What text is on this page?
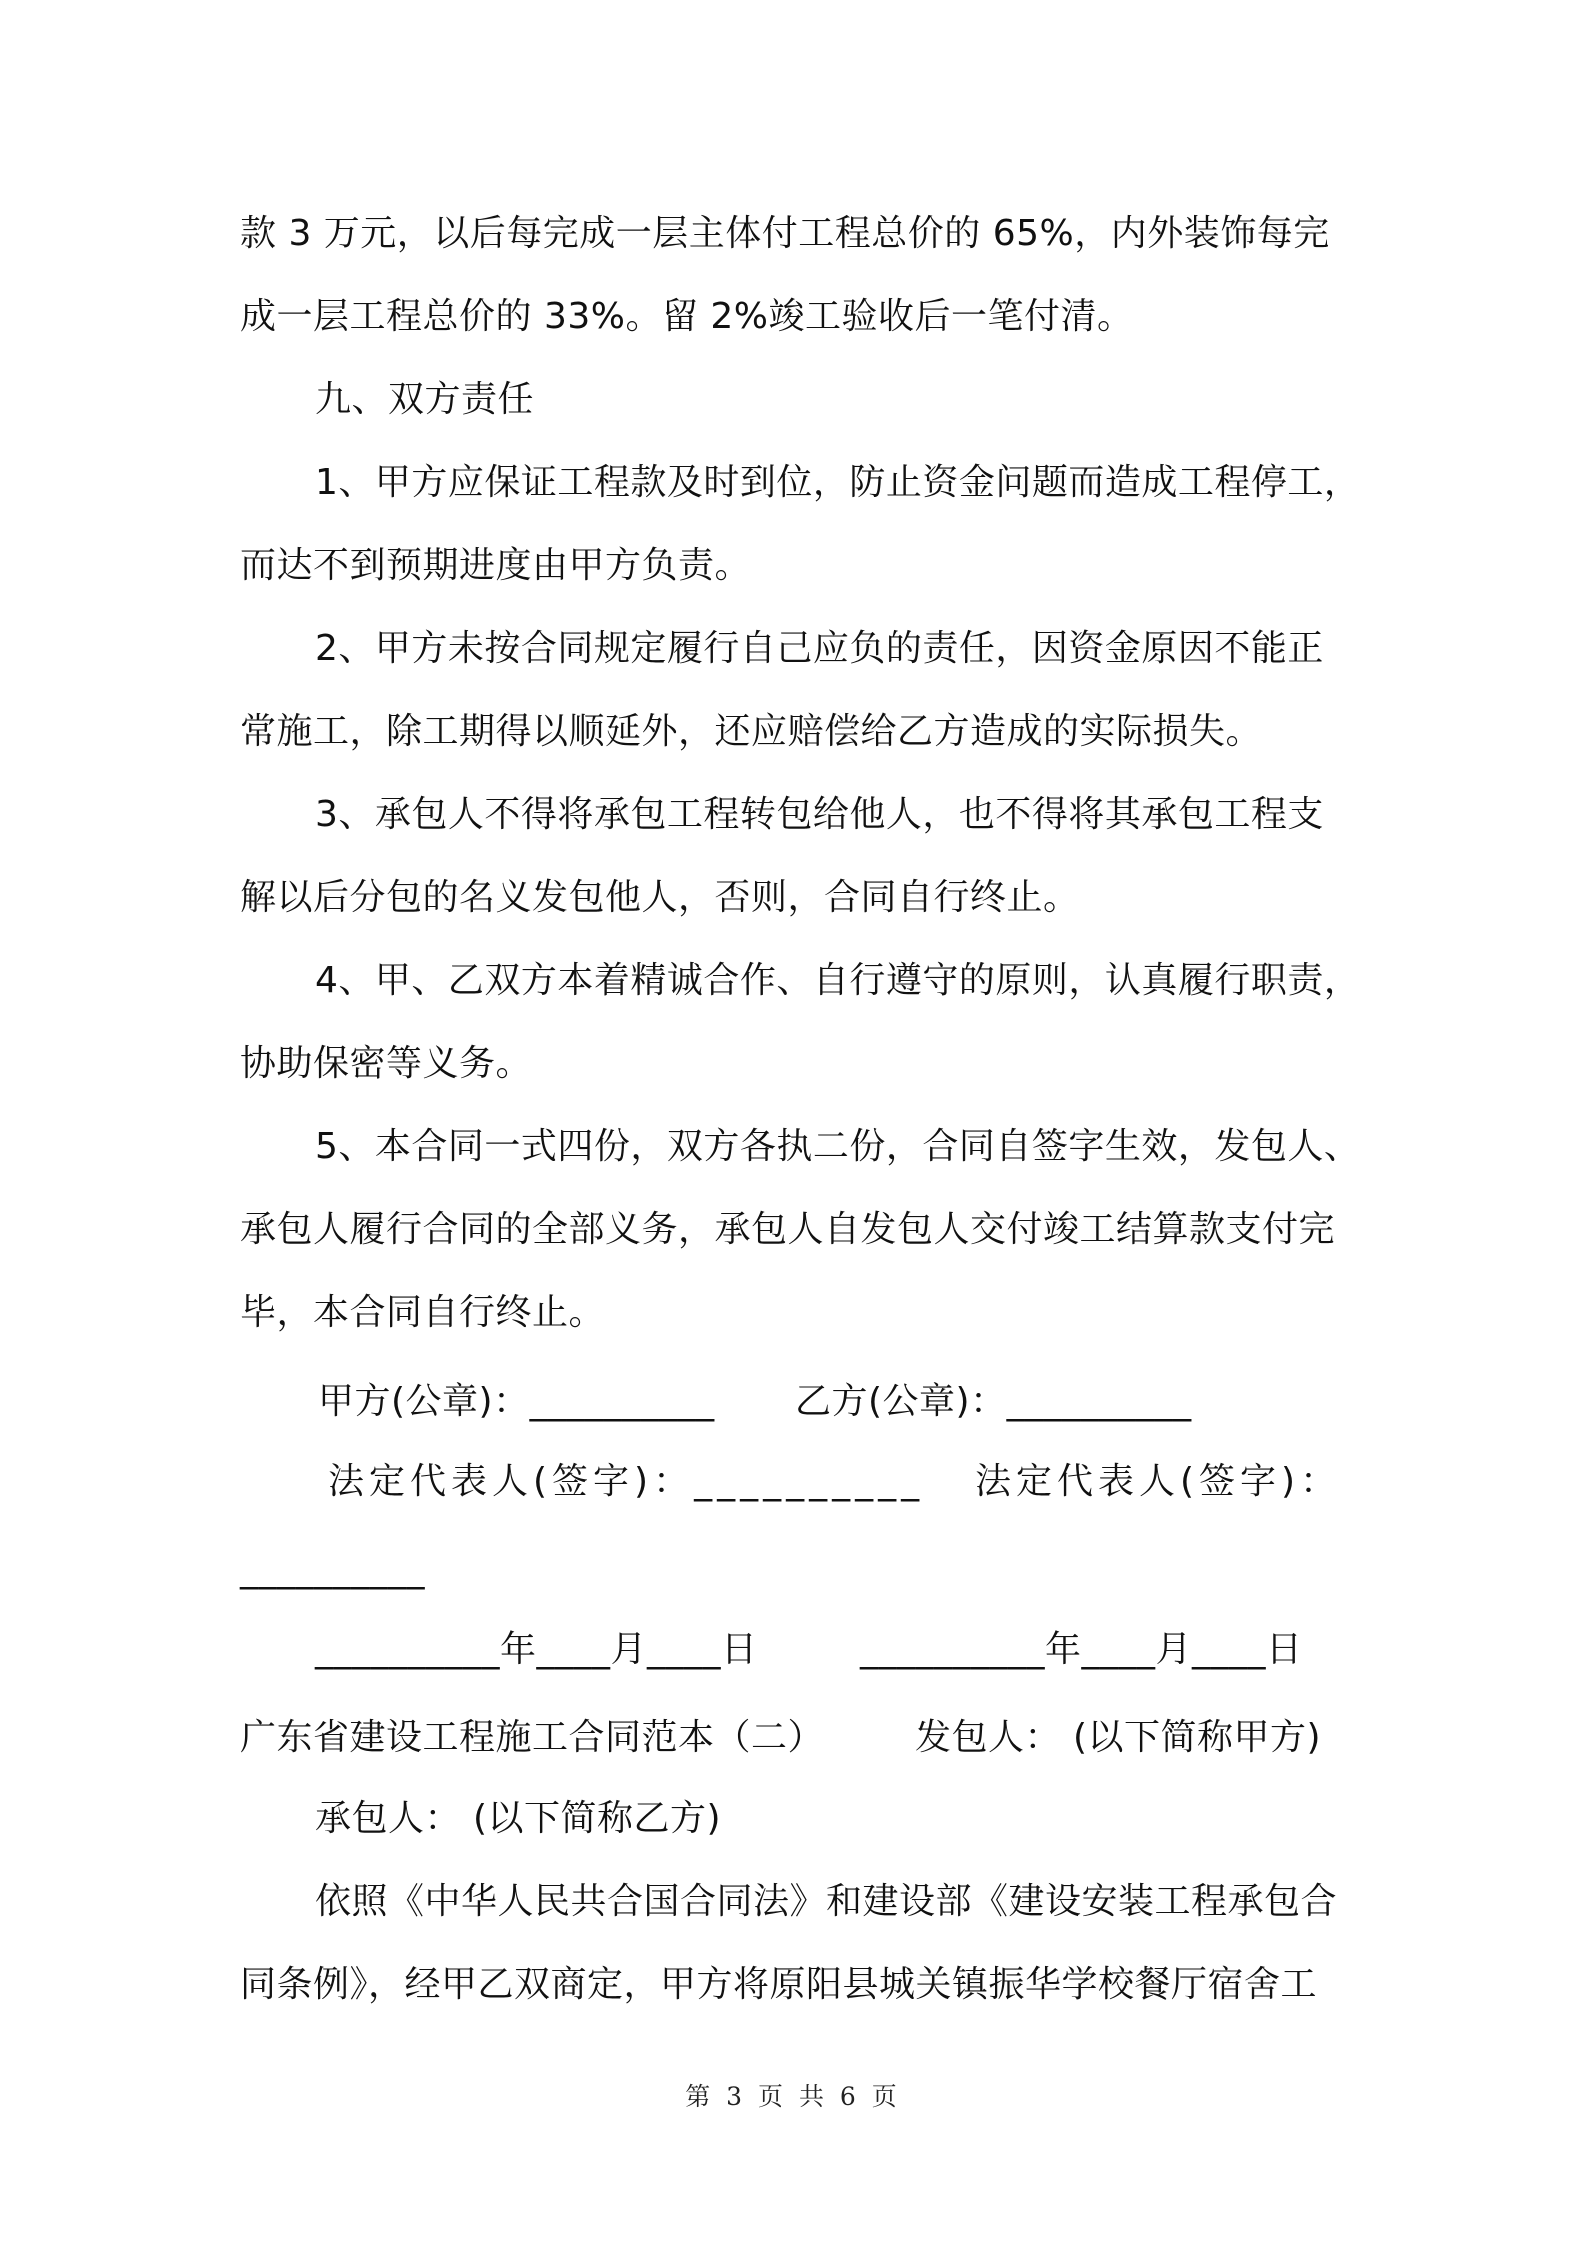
款 3 万元，以后每完成一层主体付工程总价的 65%，内外装饰每完
成一层工程总价的 33%。留 2%竣工验收后一笔付清。
九、双方责任
1、甲方应保证工程款及时到位，防止资金问题而造成工程停工，
而达不到预期进度由甲方负责。
2、甲方未按合同规定履行自己应负的责任，因资金原因不能正
常施工，除工期得以顺延外，还应赔偿给乙方造成的实际损失。
3、承包人不得将承包工程转包给他人，也不得将其承包工程支
解以后分包的名义发包他人，否则，合同自行终止。
4、甲、乙双方本着精诚合作、自行遵守的原则，认真履行职责，
协助保密等义务。
5、本合同一式四份，双方各执二份，合同自签字生效，发包人、
承包人履行合同的全部义务，承包人自发包人交付竣工结算款支付完
毕，本合同自行终止。
甲方(公章)：__________ 乙方(公章)：__________
法定代表人(签字)：__________ 法定代表人(签字)：
__________
__________年____月____日	__________年____月____日
广东省建设工程施工合同范本（二）	发包人： (以下简称甲方)
承包人： (以下简称乙方)
依照《中华人民共合国合同法》和建设部《建设安装工程承包合
同条例》，经甲乙双商定，甲方将原阳县城关镇振华学校餐厅宿舍工
第 3 页 共 6 页
